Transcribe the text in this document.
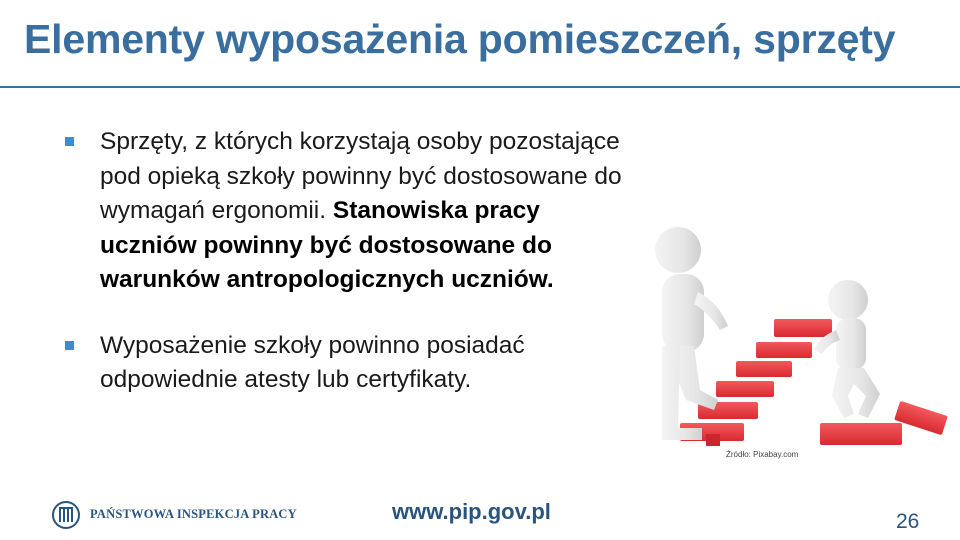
Elementy wyposażenia pomieszczeń, sprzęty
Sprzęty, z których korzystają osoby pozostające pod opieką szkoły powinny być dostosowane do wymagań ergonomii. Stanowiska pracy uczniów powinny być dostosowane do warunków antropologicznych uczniów.
Wyposażenie szkoły powinno posiadać odpowiednie atesty lub certyfikaty.
Źródło: Pixabay.com
PAŃSTWOWA INSPEKCJA PRACY	www.pip.gov.pl	26
